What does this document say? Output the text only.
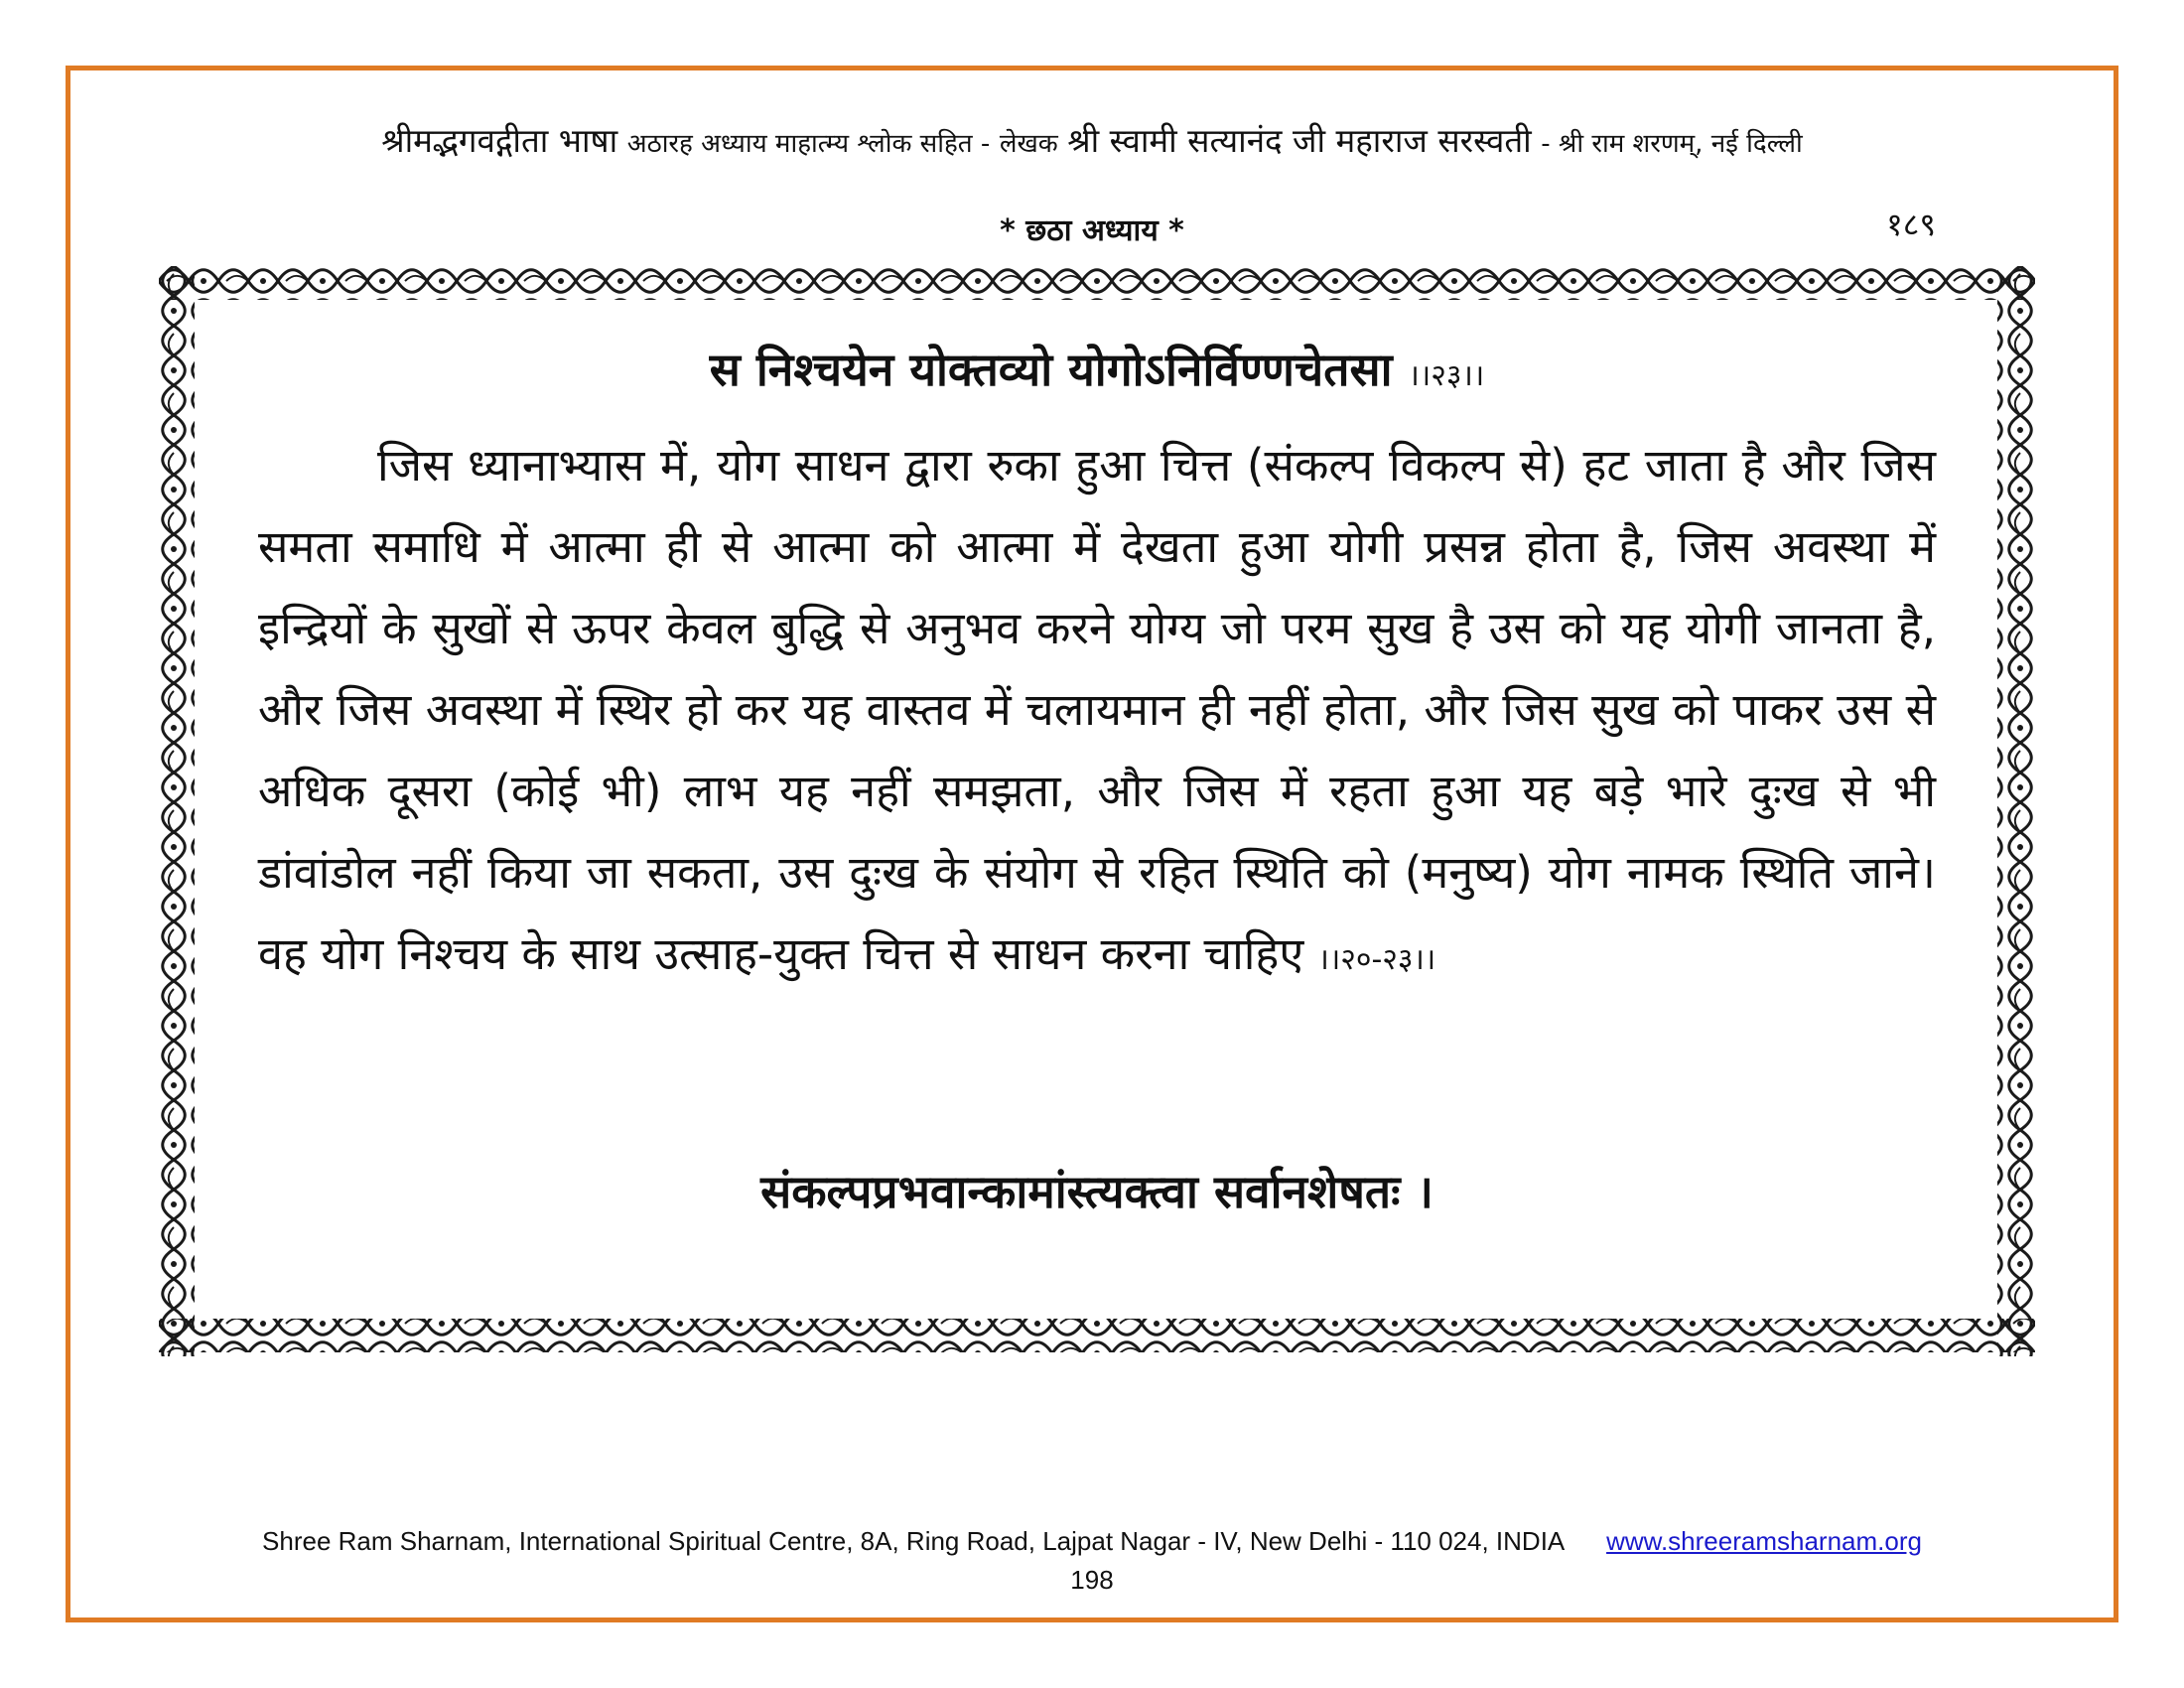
श्रीमद्भगवद्गीता भाषा अठारह अध्याय माहात्म्य श्लोक सहित - लेखक श्री स्वामी सत्यानंद जी महाराज सरस्वती - श्री राम शरणम्, नई दिल्ली
* छठा अध्याय *	१८९
स निश्चयेन योक्तव्यो योगोऽनिर्विण्णचेतसा ।।२३।।
जिस ध्यानाभ्यास में, योग साधन द्वारा रुका हुआ चित्त (संकल्प विकल्प से) हट जाता है और जिस समता समाधि में आत्मा ही से आत्मा को आत्मा में देखता हुआ योगी प्रसन्न होता है, जिस अवस्था में इन्द्रियों के सुखों से ऊपर केवल बुद्धि से अनुभव करने योग्य जो परम सुख है उस को यह योगी जानता है, और जिस अवस्था में स्थिर हो कर यह वास्तव में चलायमान ही नहीं होता, और जिस सुख को पाकर उस से अधिक दूसरा (कोई भी) लाभ यह नहीं समझता, और जिस में रहता हुआ यह बड़े भारे दुःख से भी डांवांडोल नहीं किया जा सकता, उस दुःख के संयोग से रहित स्थिति को (मनुष्य) योग नामक स्थिति जाने। वह योग निश्चय के साथ उत्साह-युक्त चित्त से साधन करना चाहिए ।।२०-२३।।
संकल्पप्रभवान्कामांस्त्यक्त्वा सर्वानशेषतः ।
Shree Ram Sharnam, International Spiritual Centre, 8A, Ring Road, Lajpat Nagar - IV, New Delhi - 110 024, INDIA www.shreeramsharnam.org
198
